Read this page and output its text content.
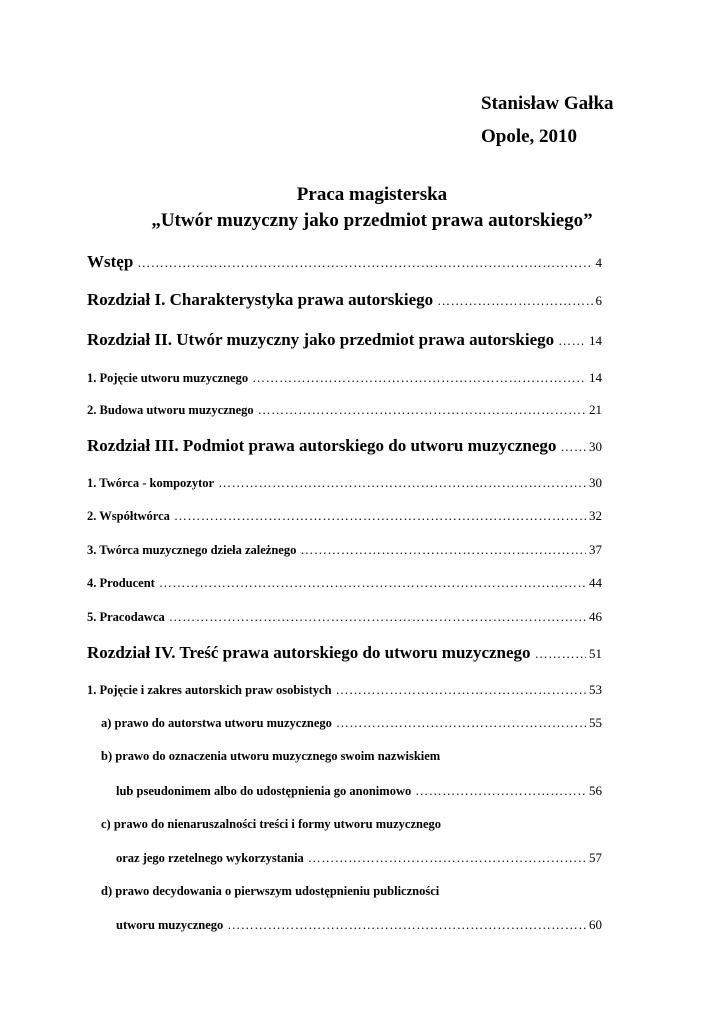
Stanisław Gałka
Opole, 2010
Praca magisterska
„Utwór muzyczny jako przedmiot prawa autorskiego”
Wstęp ………………………………………………………………………………………………………………………………………………………………………………………………………………	4
Rozdział I. Charakterystyka prawa autorskiego ………………………………………………………………………………………………………………………………………………………………………………………………………………	6
Rozdział II. Utwór muzyczny jako przedmiot prawa autorskiego ………………………………………………………………………………………………………………………………………………………………………………………………………………	14
1. Pojęcie utworu muzycznego ………………………………………………………………………………………………………………………………………………………………………………………………………………	14
2. Budowa utworu muzycznego ………………………………………………………………………………………………………………………………………………………………………………………………………………	21
Rozdział III. Podmiot prawa autorskiego do utworu muzycznego ………………………………………………………………………………………………………………………………………………………………………………………………………………	30
1. Twórca - kompozytor ………………………………………………………………………………………………………………………………………………………………………………………………………………	30
2. Współtwórca ………………………………………………………………………………………………………………………………………………………………………………………………………………	32
3. Twórca muzycznego dzieła zależnego ………………………………………………………………………………………………………………………………………………………………………………………………………………	37
4. Producent ………………………………………………………………………………………………………………………………………………………………………………………………………………	44
5. Pracodawca ………………………………………………………………………………………………………………………………………………………………………………………………………………	46
Rozdział IV. Treść prawa autorskiego do utworu muzycznego ………………………………………………………………………………………………………………………………………………………………………………………………………………	51
1. Pojęcie i zakres autorskich praw osobistych ………………………………………………………………………………………………………………………………………………………………………………………………………………	53
a) prawo do autorstwa utworu muzycznego ………………………………………………………………………………………………………………………………………………………………………………………………………………	55
b) prawo do oznaczenia utworu muzycznego swoim nazwiskiem
lub pseudonimem albo do udostępnienia go anonimowo ………………………………………………………………………………………………………………………………………………………………………………………………………………	56
c) prawo do nienaruszalności treści i formy utworu muzycznego
oraz jego rzetelnego wykorzystania ………………………………………………………………………………………………………………………………………………………………………………………………………………	57
d) prawo decydowania o pierwszym udostępnieniu publiczności
utworu muzycznego ………………………………………………………………………………………………………………………………………………………………………………………………………………	60
